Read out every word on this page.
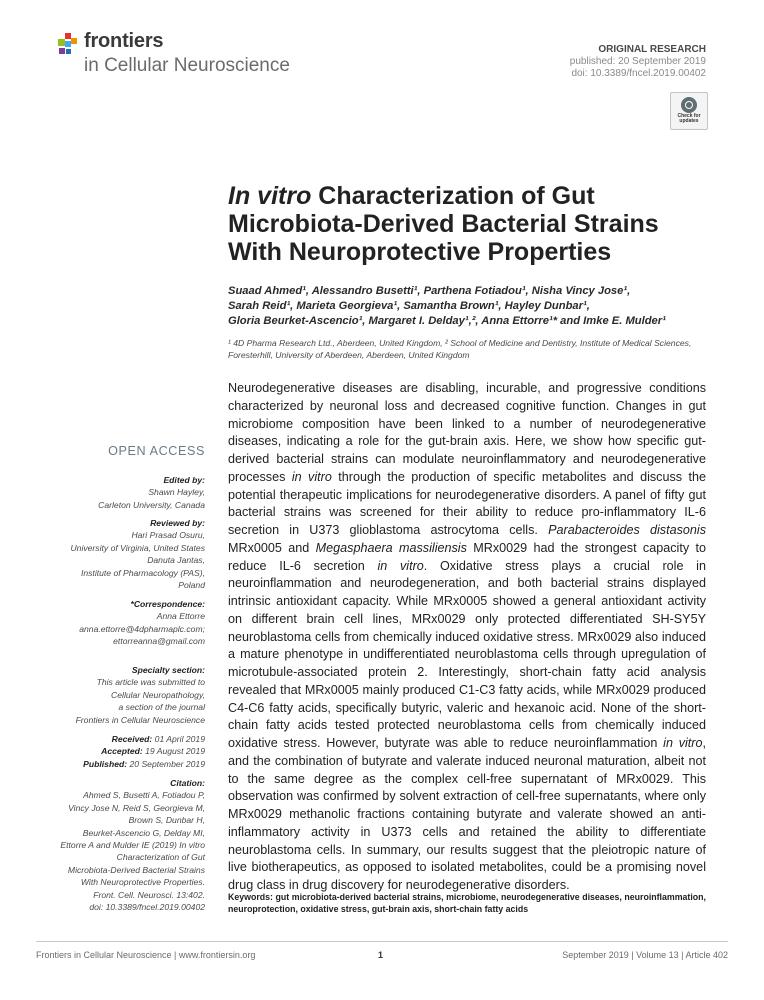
frontiers
in Cellular Neuroscience
ORIGINAL RESEARCH
published: 20 September 2019
doi: 10.3389/fncel.2019.00402
Check for updates
In vitro Characterization of Gut Microbiota-Derived Bacterial Strains With Neuroprotective Properties
Suaad Ahmed¹, Alessandro Busetti¹, Parthena Fotiadou¹, Nisha Vincy Jose¹,
Sarah Reid¹, Marieta Georgieva¹, Samantha Brown¹, Hayley Dunbar¹,
Gloria Beurket-Ascencio¹, Margaret I. Delday¹,², Anna Ettorre¹* and Imke E. Mulder¹
¹ 4D Pharma Research Ltd., Aberdeen, United Kingdom, ² School of Medicine and Dentistry, Institute of Medical Sciences, Foresterhill, University of Aberdeen, Aberdeen, United Kingdom
Neurodegenerative diseases are disabling, incurable, and progressive conditions characterized by neuronal loss and decreased cognitive function. Changes in gut microbiome composition have been linked to a number of neurodegenerative diseases, indicating a role for the gut-brain axis. Here, we show how specific gut-derived bacterial strains can modulate neuroinflammatory and neurodegenerative processes in vitro through the production of specific metabolites and discuss the potential therapeutic implications for neurodegenerative disorders. A panel of fifty gut bacterial strains was screened for their ability to reduce pro-inflammatory IL-6 secretion in U373 glioblastoma astrocytoma cells. Parabacteroides distasonis MRx0005 and Megasphaera massiliensis MRx0029 had the strongest capacity to reduce IL-6 secretion in vitro. Oxidative stress plays a crucial role in neuroinflammation and neurodegeneration, and both bacterial strains displayed intrinsic antioxidant capacity. While MRx0005 showed a general antioxidant activity on different brain cell lines, MRx0029 only protected differentiated SH-SY5Y neuroblastoma cells from chemically induced oxidative stress. MRx0029 also induced a mature phenotype in undifferentiated neuroblastoma cells through upregulation of microtubule-associated protein 2. Interestingly, short-chain fatty acid analysis revealed that MRx0005 mainly produced C1-C3 fatty acids, while MRx0029 produced C4-C6 fatty acids, specifically butyric, valeric and hexanoic acid. None of the short-chain fatty acids tested protected neuroblastoma cells from chemically induced oxidative stress. However, butyrate was able to reduce neuroinflammation in vitro, and the combination of butyrate and valerate induced neuronal maturation, albeit not to the same degree as the complex cell-free supernatant of MRx0029. This observation was confirmed by solvent extraction of cell-free supernatants, where only MRx0029 methanolic fractions containing butyrate and valerate showed an anti-inflammatory activity in U373 cells and retained the ability to differentiate neuroblastoma cells. In summary, our results suggest that the pleiotropic nature of live biotherapeutics, as opposed to isolated metabolites, could be a promising novel drug class in drug discovery for neurodegenerative disorders.
Keywords: gut microbiota-derived bacterial strains, microbiome, neurodegenerative diseases, neuroinflammation, neuroprotection, oxidative stress, gut-brain axis, short-chain fatty acids
OPEN ACCESS
Edited by:
Shawn Hayley,
Carleton University, Canada
Reviewed by:
Hari Prasad Osuru,
University of Virginia, United States
Danuta Jantas,
Institute of Pharmacology (PAS),
Poland
*Correspondence:
Anna Ettorre
anna.ettorre@4dpharmaplc.com;
ettorreanna@gmail.com
Specialty section:
This article was submitted to
Cellular Neuropathology,
a section of the journal
Frontiers in Cellular Neuroscience
Received: 01 April 2019
Accepted: 19 August 2019
Published: 20 September 2019
Citation:
Ahmed S, Busetti A, Fotiadou P,
Vincy Jose N, Reid S, Georgieva M,
Brown S, Dunbar H,
Beurket-Ascencio G, Delday MI,
Ettorre A and Mulder IE (2019) In vitro
Characterization of Gut
Microbiota-Derived Bacterial Strains
With Neuroprotective Properties.
Front. Cell. Neurosci. 13:402.
doi: 10.3389/fncel.2019.00402
Frontiers in Cellular Neuroscience | www.frontiersin.org	1	September 2019 | Volume 13 | Article 402
